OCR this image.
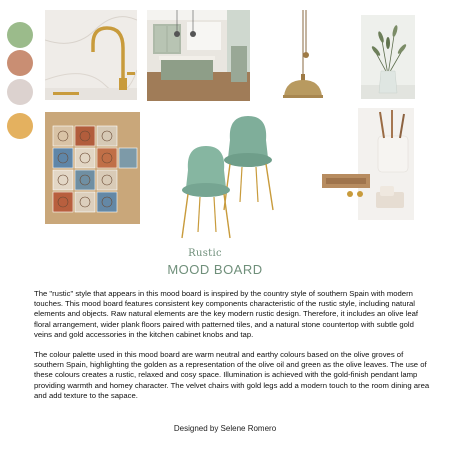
Rustic
MOOD BOARD

The "rustic" style that appears in this mood board is inspired by the country style of southern Spain with modern touches. This mood board features consistent key components characteristic of the rustic style, including natural elements and objects. Raw natural elements are the key modern rustic design. Therefore, it includes an olive leaf floral arrangement, wider plank floors paired with patterned tiles, and a natural stone countertop with subtle gold veins and gold accessories in the kitchen cabinet knobs and tap.

The colour palette used in this mood board are warm neutral and earthy colours based on the olive groves of southern Spain, highlighting the golden as a representation of the olive oil and green as the olive leaves. The use of these colours creates a rustic, relaxed and cosy space. Illumination is achieved with the gold-finish pendant lamp providing warmth and homey character. The velvet chairs with gold legs add a modern touch to the room dining area and add texture to the sapace.

Designed by Selene Romero
